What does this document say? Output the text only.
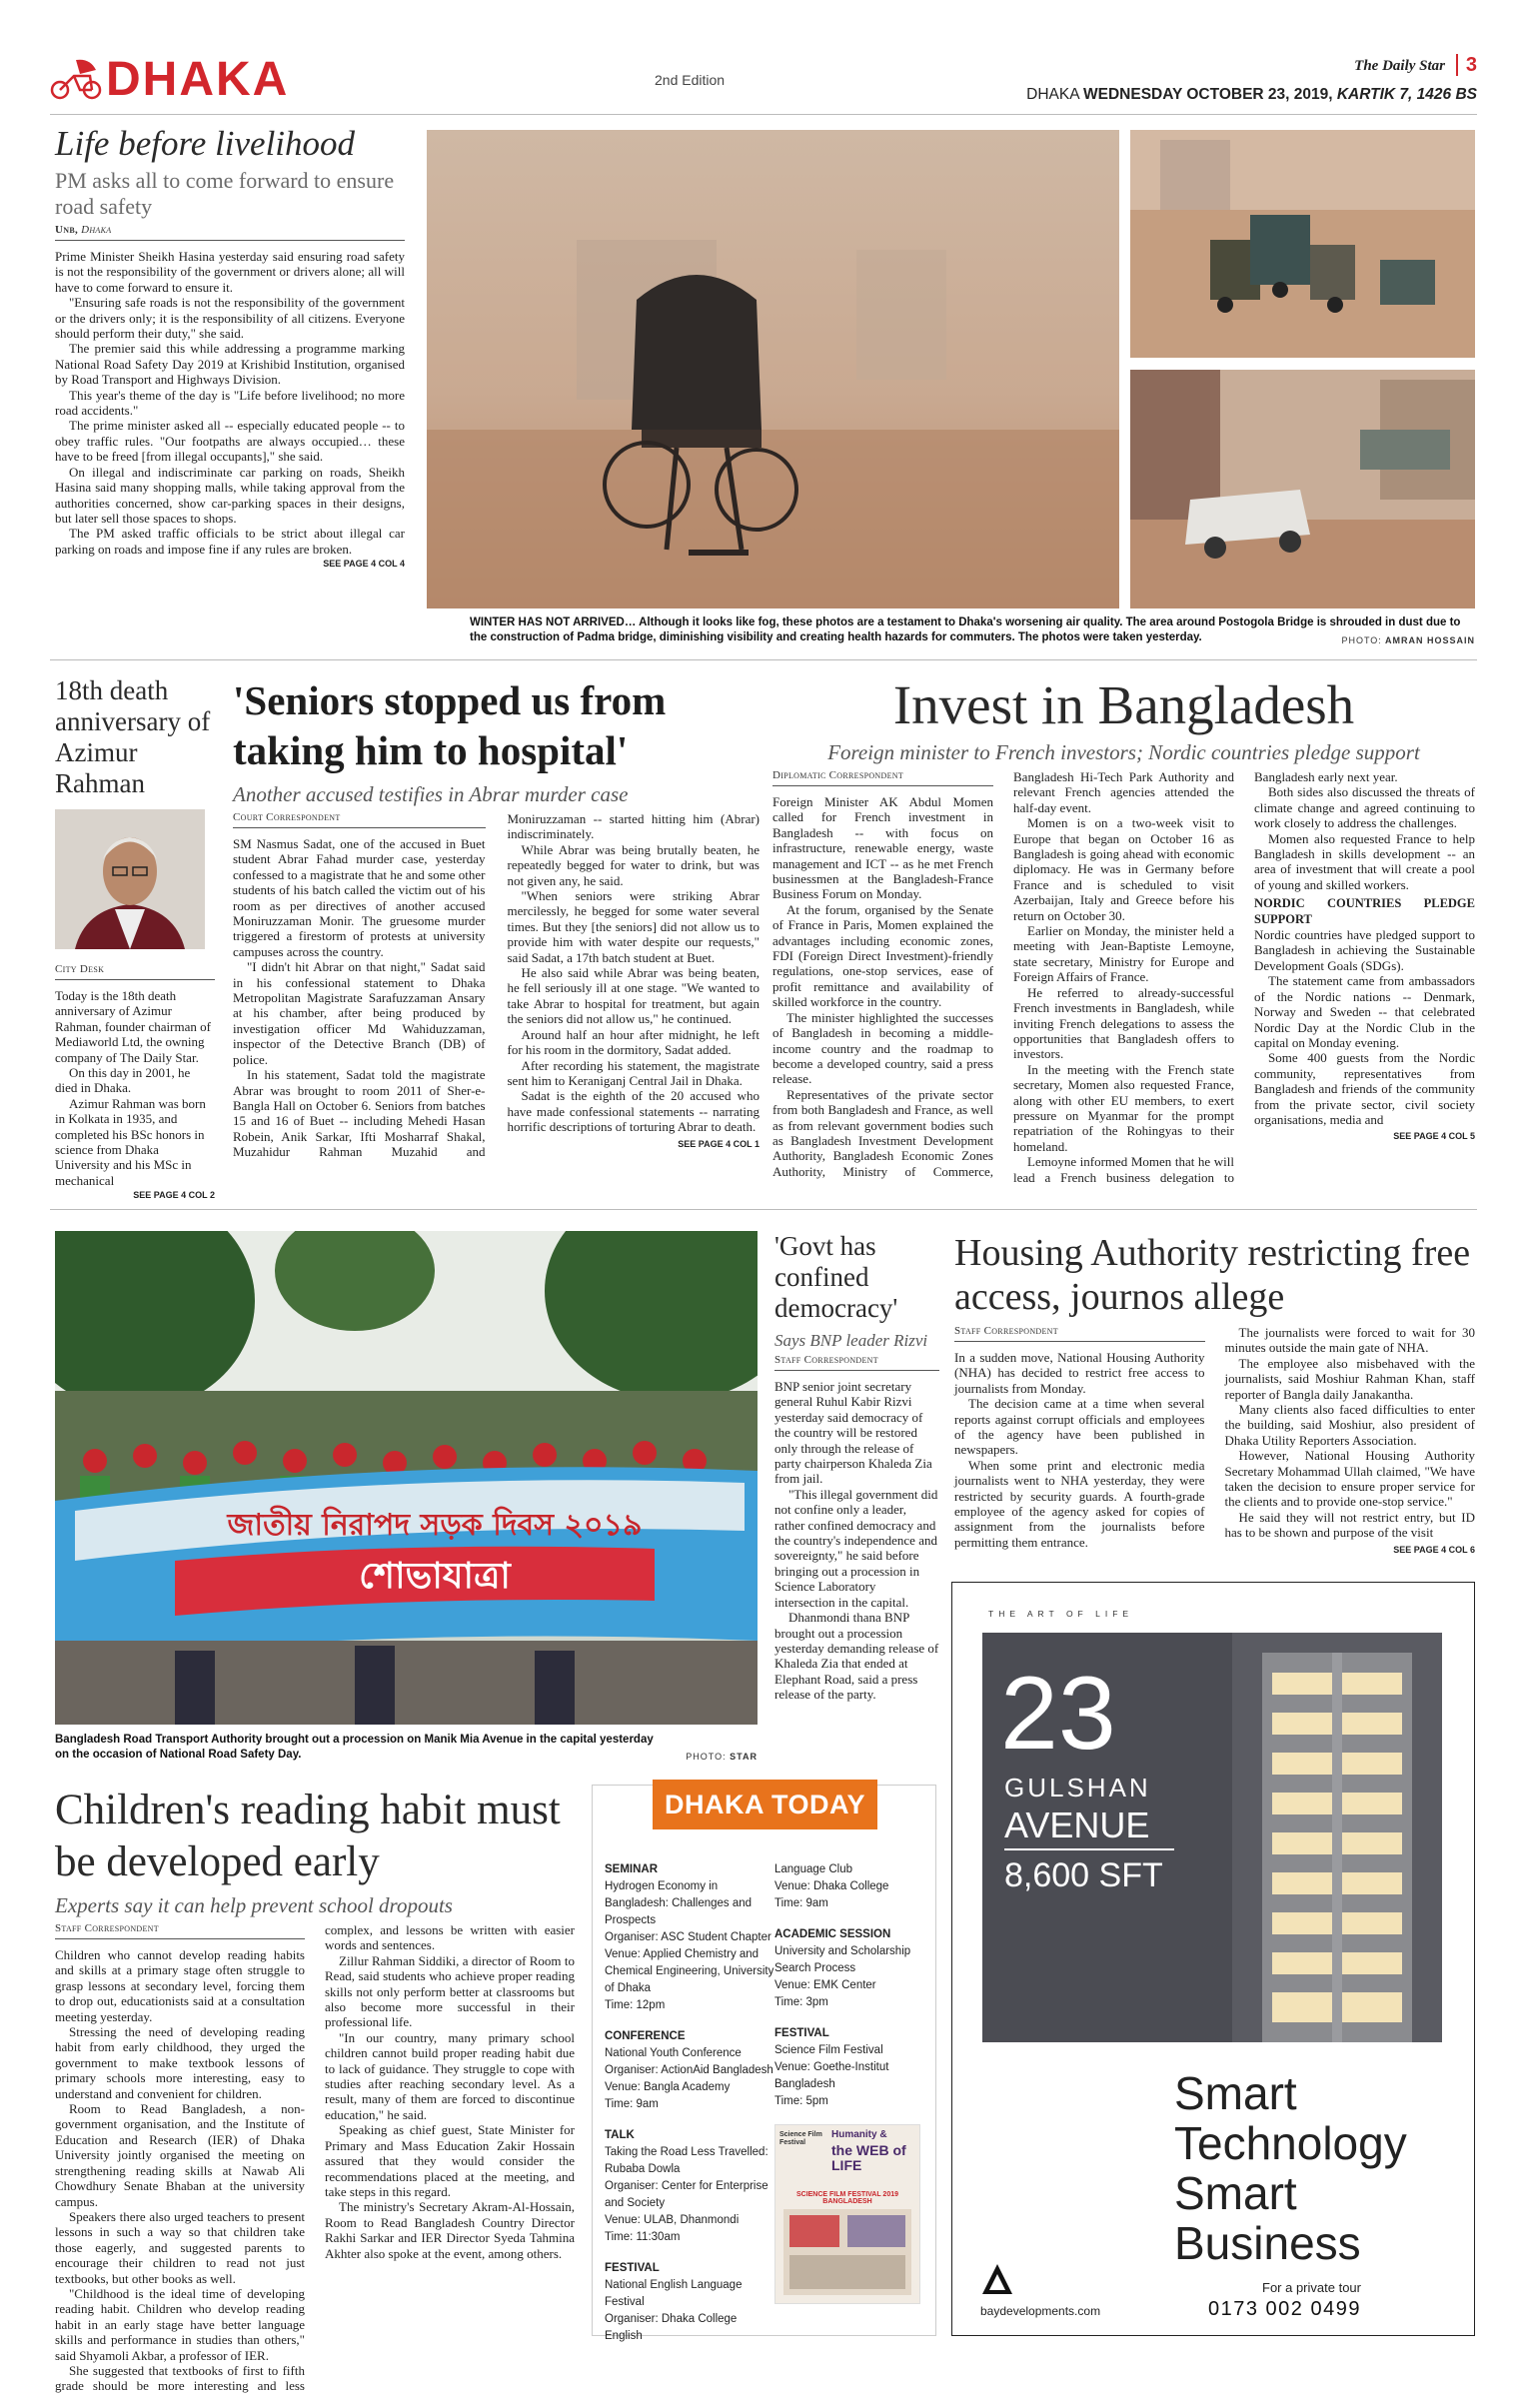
DHAKA	2nd Edition
The Daily Star	3
DHAKA WEDNESDAY OCTOBER 23, 2019, KARTIK 7, 1426 BS
Life before livelihood
PM asks all to come forward to ensure road safety
Unb, Dhaka

Prime Minister Sheikh Hasina yesterday said ensuring road safety is not the responsibility of the government or drivers alone; all will have to come forward to ensure it.

"Ensuring safe roads is not the responsibility of the government or the drivers only; it is the responsibility of all citizens. Everyone should perform their duty," she said.

The premier said this while addressing a programme marking National Road Safety Day 2019 at Krishibid Institution, organised by Road Transport and Highways Division.

This year's theme of the day is "Life before livelihood; no more road accidents."

The prime minister asked all -- especially educated people -- to obey traffic rules. "Our footpaths are always occupied… these have to be freed [from illegal occupants]," she said.

On illegal and indiscriminate car parking on roads, Sheikh Hasina said many shopping malls, while taking approval from the authorities concerned, show car-parking spaces in their designs, but later sell those spaces to shops.

The PM asked traffic officials to be strict about illegal car parking on roads and impose fine if any rules are broken.

SEE PAGE 4 COL 4
WINTER HAS NOT ARRIVED… Although it looks like fog, these photos are a testament to Dhaka's worsening air quality. The area around Postogola Bridge is shrouded in dust due to the construction of Padma bridge, diminishing visibility and creating health hazards for commuters. The photos were taken yesterday.	PHOTO: AMRAN HOSSAIN
18th death anniversary of Azimur Rahman
City Desk

Today is the 18th death anniversary of Azimur Rahman, founder chairman of Mediaworld Ltd, the owning company of The Daily Star.

On this day in 2001, he died in Dhaka.

Azimur Rahman was born in Kolkata in 1935, and completed his BSc honors in science from Dhaka University and his MSc in mechanical

SEE PAGE 4 COL 2
'Seniors stopped us from taking him to hospital'
Another accused testifies in Abrar murder case
Court Correspondent

SM Nasmus Sadat, one of the accused in Buet student Abrar Fahad murder case, yesterday confessed to a magistrate that he and some other students of his batch called the victim out of his room as per directives of another accused Moniruzzaman Monir. The gruesome murder triggered a firestorm of protests at university campuses across the country.

"I didn't hit Abrar on that night," Sadat said in his confessional statement to Dhaka Metropolitan Magistrate Sarafuzzaman Ansary at his chamber, after being produced by investigation officer Md Wahiduzzaman, inspector of the Detective Branch (DB) of police.

In his statement, Sadat told the magistrate Abrar was brought to room 2011 of Sher-e-Bangla Hall on October 6. Seniors from batches 15 and 16 of Buet -- including Mehedi Hasan Robein, Anik Sarkar, Ifti Mosharraf Shakal, Muzahidur Rahman Muzahid and Moniruzzaman -- started hitting him (Abrar) indiscriminately.

While Abrar was being brutally beaten, he repeatedly begged for water to drink, but was not given any, he said.

"When seniors were striking Abrar mercilessly, he begged for some water several times. But they [the seniors] did not allow us to provide him with water despite our requests," said Sadat, a 17th batch student at Buet.

He also said while Abrar was being beaten, he fell seriously ill at one stage. "We wanted to take Abrar to hospital for treatment, but again the seniors did not allow us," he continued.

Around half an hour after midnight, he left for his room in the dormitory, Sadat added.

After recording his statement, the magistrate sent him to Keraniganj Central Jail in Dhaka.

Sadat is the eighth of the 20 accused who have made confessional statements -- narrating horrific descriptions of torturing Abrar to death.

SEE PAGE 4 COL 1
Invest in Bangladesh
Foreign minister to French investors; Nordic countries pledge support
Diplomatic Correspondent

Foreign Minister AK Abdul Momen called for French investment in Bangladesh -- with focus on infrastructure, renewable energy, waste management and ICT -- as he met French businessmen at the Bangladesh-France Business Forum on Monday.

At the forum, organised by the Senate of France in Paris, Momen explained the advantages including economic zones, FDI (Foreign Direct Investment)-friendly regulations, one-stop services, ease of profit remittance and availability of skilled workforce in the country.

The minister highlighted the successes of Bangladesh in becoming a middle-income country and the roadmap to become a developed country, said a press release.

Representatives of the private sector from both Bangladesh and France, as well as from relevant government bodies such as Bangladesh Investment Development Authority, Bangladesh Economic Zones Authority, Ministry of Commerce, Bangladesh Hi-Tech Park Authority and relevant French agencies attended the half-day event.

Momen is on a two-week visit to Europe that began on October 16 as Bangladesh is going ahead with economic diplomacy. He was in Germany before France and is scheduled to visit Azerbaijan, Italy and Greece before his return on October 30.

Earlier on Monday, the minister held a meeting with Jean-Baptiste Lemoyne, state secretary, Ministry for Europe and Foreign Affairs of France.

He referred to already-successful French investments in Bangladesh, while inviting French delegations to assess the opportunities that Bangladesh offers to investors.

In the meeting with the French state secretary, Momen also requested France, along with other EU members, to exert pressure on Myanmar for the prompt repatriation of the Rohingyas to their homeland.

Lemoyne informed Momen that he will lead a French business delegation to Bangladesh early next year.

Both sides also discussed the threats of climate change and agreed continuing to work closely to address the challenges.

Momen also requested France to help Bangladesh in skills development -- an area of investment that will create a pool of young and skilled workers.

NORDIC COUNTRIES PLEDGE SUPPORT

Nordic countries have pledged support to Bangladesh in achieving the Sustainable Development Goals (SDGs).

The statement came from ambassadors of the Nordic nations -- Denmark, Norway and Sweden -- that celebrated Nordic Day at the Nordic Club in the capital on Monday evening.

Some 400 guests from the Nordic community, representatives from Bangladesh and friends of the community from the private sector, civil society organisations, media and

SEE PAGE 4 COL 5
জাতীয় নিরাপদ সড়ক দিবস ২০১৯
শোভাযাত্রা
Bangladesh Road Transport Authority brought out a procession on Manik Mia Avenue in the capital yesterday on the occasion of National Road Safety Day.	PHOTO: STAR
'Govt has confined democracy'
Says BNP leader Rizvi
Staff Correspondent

BNP senior joint secretary general Ruhul Kabir Rizvi yesterday said democracy of the country will be restored only through the release of party chairperson Khaleda Zia from jail.

"This illegal government did not confine only a leader, rather confined democracy and the country's independence and sovereignty," he said before bringing out a procession in Science Laboratory intersection in the capital.

Dhanmondi thana BNP brought out a procession yesterday demanding release of Khaleda Zia that ended at Elephant Road, said a press release of the party.

Housing Authority restricting free access, journos allege
Staff Correspondent

In a sudden move, National Housing Authority (NHA) has decided to restrict free access to journalists from Monday.

The decision came at a time when several reports against corrupt officials and employees of the agency have been published in newspapers.

When some print and electronic media journalists went to NHA yesterday, they were restricted by security guards. A fourth-grade employee of the agency asked for copies of assignment from the journalists before permitting them entrance.

The journalists were forced to wait for 30 minutes outside the main gate of NHA.

The employee also misbehaved with the journalists, said Moshiur Rahman Khan, staff reporter of Bangla daily Janakantha.

Many clients also faced difficulties to enter the building, said Moshiur, also president of Dhaka Utility Reporters Association.

However, National Housing Authority Secretary Mohammad Ullah claimed, "We have taken the decision to ensure proper service for the clients and to provide one-stop service."

He said they will not restrict entry, but ID has to be shown and purpose of the visit

SEE PAGE 4 COL 6
Children's reading habit must be developed early
Experts say it can help prevent school dropouts
Staff Correspondent

Children who cannot develop reading habits and skills at a primary stage often struggle to grasp lessons at secondary level, forcing them to drop out, educationists said at a consultation meeting yesterday.

Stressing the need of developing reading habit from early childhood, they urged the government to make textbook lessons of primary schools more interesting, easy to understand and convenient for children.

Room to Read Bangladesh, a non-government organisation, and the Institute of Education and Research (IER) of Dhaka University jointly organised the meeting on strengthening reading skills at Nawab Ali Chowdhury Senate Bhaban at the university campus.

Speakers there also urged teachers to present lessons in such a way so that children take those eagerly, and suggested parents to encourage their children to read not just textbooks, but other books as well.

"Childhood is the ideal time of developing reading habit. Children who develop reading habit in an early stage have better language skills and performance in studies than others," said Shyamoli Akbar, a professor of IER.

She suggested that textbooks of first to fifth grade should be more interesting and less complex, and lessons be written with easier words and sentences.

Zillur Rahman Siddiki, a director of Room to Read, said students who achieve proper reading skills not only perform better at classrooms but also become more successful in their professional life.

"In our country, many primary school children cannot build proper reading habit due to lack of guidance. They struggle to cope with studies after reaching secondary level. As a result, many of them are forced to discontinue education," he said.

Speaking as chief guest, State Minister for Primary and Mass Education Zakir Hossain assured that they would consider the recommendations placed at the meeting, and take steps in this regard.

The ministry's Secretary Akram-Al-Hossain, Room to Read Bangladesh Country Director Rakhi Sarkar and IER Director Syeda Tahmina Akhter also spoke at the event, among others.

DHAKA TODAY
SEMINAR
Hydrogen Economy in Bangladesh: Challenges and Prospects
Organiser: ASC Student Chapter
Venue: Applied Chemistry and Chemical Engineering, University of Dhaka
Time: 12pm
CONFERENCE
National Youth Conference
Organiser: ActionAid Bangladesh
Venue: Bangla Academy
Time: 9am
TALK
Taking the Road Less Travelled: Rubaba Dowla
Organiser: Center for Enterprise and Society
Venue: ULAB, Dhanmondi
Time: 11:30am
FESTIVAL
National English Language Festival
Organiser: Dhaka College English
Language Club
Venue: Dhaka College
Time: 9am
ACADEMIC SESSION
University and Scholarship Search Process
Venue: EMK Center
Time: 3pm
FESTIVAL
Science Film Festival
Venue: Goethe-Institut Bangladesh
Time: 5pm
Science Film Festival
Humanity &
the WEB of LIFE
SCIENCE FILM FESTIVAL 2019 BANGLADESH
THE ART OF LIFE
23
GULSHAN
AVENUE
8,600 SFT
Smart
Technology
Smart
Business
For a private tour
0173 002 0499
baydevelopments.com
